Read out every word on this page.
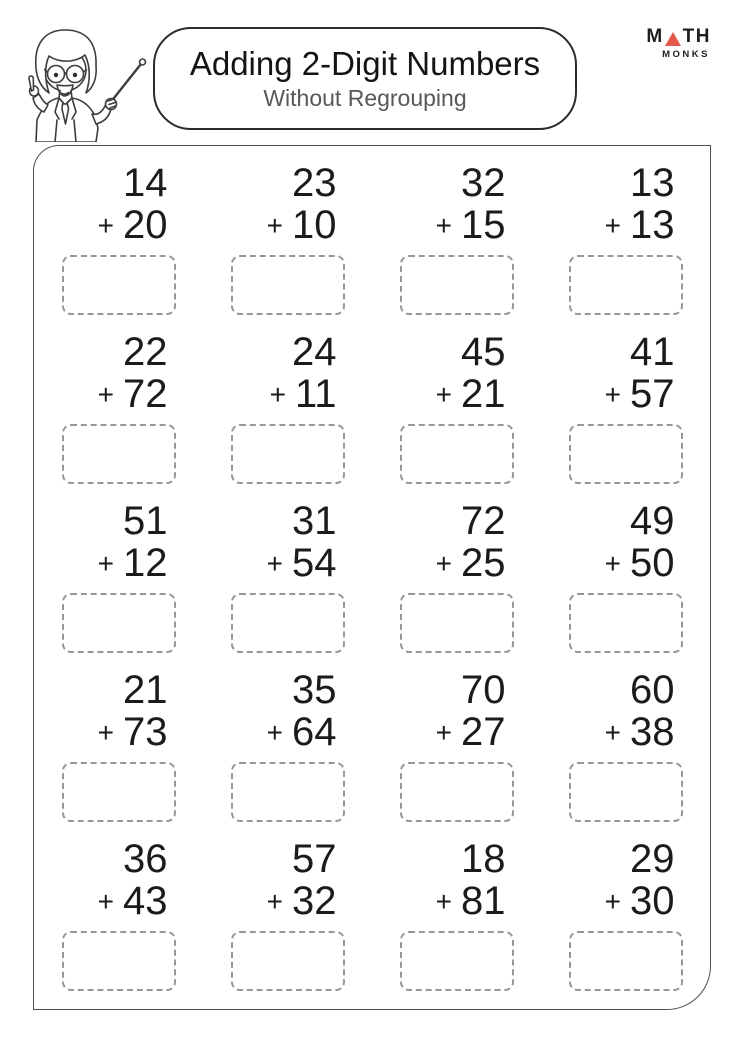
Adding 2-Digit Numbers
Without Regrouping
M TH
MONKS
14
+ 20
23
+ 10
32
+ 15
13
+ 13
22
+ 72
24
+ 11
45
+ 21
41
+ 57
51
+ 12
31
+ 54
72
+ 25
49
+ 50
21
+ 73
35
+ 64
70
+ 27
60
+ 38
36
+ 43
57
+ 32
18
+ 81
29
+ 30
